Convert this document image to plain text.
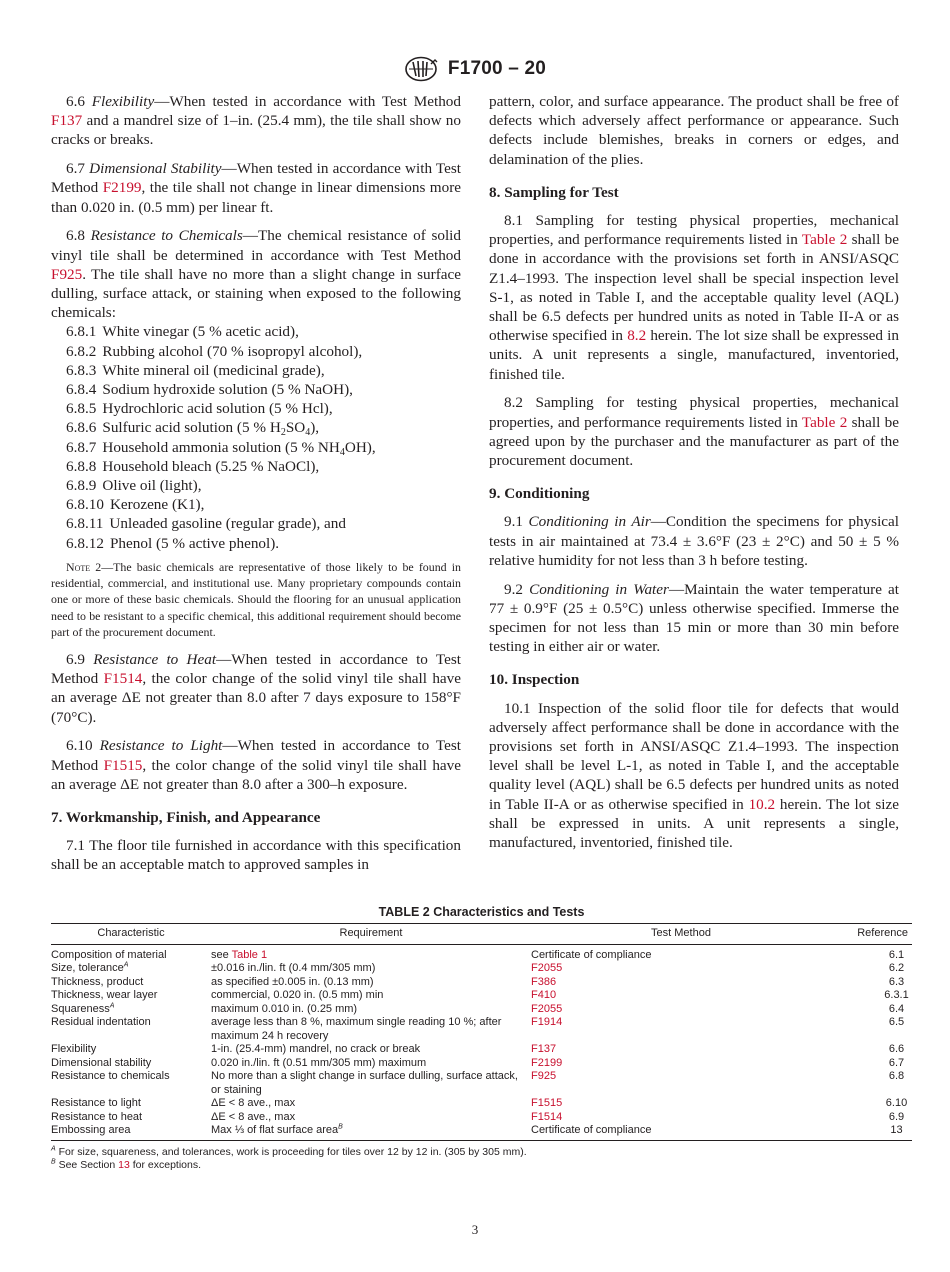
F1700 – 20

6.6 Flexibility—When tested in accordance with Test Method F137 and a mandrel size of 1–in. (25.4 mm), the tile shall show no cracks or breaks.

6.7 Dimensional Stability—When tested in accordance with Test Method F2199, the tile shall not change in linear dimensions more than 0.020 in. (0.5 mm) per linear ft.

6.8 Resistance to Chemicals—The chemical resistance of solid vinyl tile shall be determined in accordance with Test Method F925. The tile shall have no more than a slight change in surface dulling, surface attack, or staining when exposed to the following chemicals:

6.8.1 White vinegar (5 % acetic acid),
6.8.2 Rubbing alcohol (70 % isopropyl alcohol),
6.8.3 White mineral oil (medicinal grade),
6.8.4 Sodium hydroxide solution (5 % NaOH),
6.8.5 Hydrochloric acid solution (5 % Hcl),
6.8.6 Sulfuric acid solution (5 % $H_2SO_4$),
6.8.7 Household ammonia solution (5 % $NH_4OH$),
6.8.8 Household bleach (5.25 % NaOCl),
6.8.9 Olive oil (light),
6.8.10 Kerozene (K1),
6.8.11 Unleaded gasoline (regular grade), and
6.8.12 Phenol (5 % active phenol).

Note 2—The basic chemicals are representative of those likely to be found in residential, commercial, and institutional use. Many proprietary compounds contain one or more of these basic chemicals. Should the flooring for an unusual application need to be resistant to a specific chemical, this additional requirement should become part of the procurement document.

6.9 Resistance to Heat—When tested in accordance to Test Method F1514, the color change of the solid vinyl tile shall have an average ΔE not greater than 8.0 after 7 days exposure to 158°F (70°C).

6.10 Resistance to Light—When tested in accordance to Test Method F1515, the color change of the solid vinyl tile shall have an average ΔE not greater than 8.0 after a 300–h exposure.

7. Workmanship, Finish, and Appearance

7.1 The floor tile furnished in accordance with this specification shall be an acceptable match to approved samples in

pattern, color, and surface appearance. The product shall be free of defects which adversely affect performance or appearance. Such defects include blemishes, breaks in corners or edges, and delamination of the plies.

8. Sampling for Test

8.1 Sampling for testing physical properties, mechanical properties, and performance requirements listed in Table 2 shall be done in accordance with the provisions set forth in ANSI/ASQC Z1.4–1993. The inspection level shall be special inspection level S-1, as noted in Table I, and the acceptable quality level (AQL) shall be 6.5 defects per hundred units as noted in Table II-A or as otherwise specified in 8.2 herein. The lot size shall be expressed in units. A unit represents a single, manufactured, inventoried, finished tile.

8.2 Sampling for testing physical properties, mechanical properties, and performance requirements listed in Table 2 shall be agreed upon by the purchaser and the manufacturer as part of the procurement document.

9. Conditioning

9.1 Conditioning in Air—Condition the specimens for physical tests in air maintained at 73.4 ± 3.6°F (23 ± 2°C) and 50 ± 5 % relative humidity for not less than 3 h before testing.

9.2 Conditioning in Water—Maintain the water temperature at 77 ± 0.9°F (25 ± 0.5°C) unless otherwise specified. Immerse the specimen for not less than 15 min or more than 30 min before testing in either air or water.

10. Inspection

10.1 Inspection of the solid floor tile for defects that would adversely affect performance shall be done in accordance with the provisions set forth in ANSI/ASQC Z1.4–1993. The inspection level shall be level L-1, as noted in Table I, and the acceptable quality level (AQL) shall be 6.5 defects per hundred units as noted in Table II-A or as otherwise specified in 10.2 herein. The lot size shall be expressed in units. A unit represents a single, manufactured, inventoried, finished tile.

TABLE 2 Characteristics and Tests
Characteristic	Requirement	Test Method	Reference
Composition of material	see Table 1	Certificate of compliance	6.1
Size, tolerance$^A$	±0.016 in./lin. ft (0.4 mm/305 mm)	F2055	6.2
Thickness, product	as specified ±0.005 in. (0.13 mm)	F386	6.3
Thickness, wear layer	commercial, 0.020 in. (0.5 mm) min	F410	6.3.1
Squareness$^A$	maximum 0.010 in. (0.25 mm)	F2055	6.4
Residual indentation	average less than 8 %, maximum single reading 10 %; after maximum 24 h recovery	F1914	6.5
Flexibility	1-in. (25.4-mm) mandrel, no crack or break	F137	6.6
Dimensional stability	0.020 in./lin. ft (0.51 mm/305 mm) maximum	F2199	6.7
Resistance to chemicals	No more than a slight change in surface dulling, surface attack, or staining	F925	6.8
Resistance to light	ΔE < 8 ave., max	F1515	6.10
Resistance to heat	ΔE < 8 ave., max	F1514	6.9
Embossing area	Max ⅓ of flat surface area$^B$	Certificate of compliance	13
$^A$ For size, squareness, and tolerances, work is proceeding for tiles over 12 by 12 in. (305 by 305 mm).
$^B$ See Section 13 for exceptions.
3
